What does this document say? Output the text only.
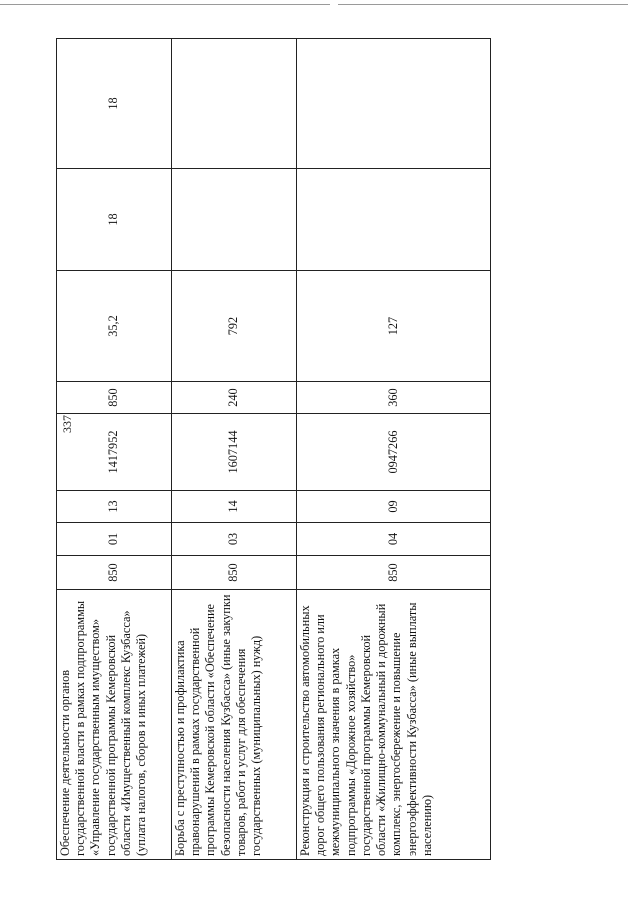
337
Обеспечение деятельности органов государственной власти в рамках подпрограммы «Управление государственным имуществом» государственной программы Кемеровской области «Имущественный комплекс Кузбасса» (уплата налогов, сборов и иных платежей)	850	01	13	1417952	850	35,2	18	18
Борьба с преступностью и профилактика правонарушений в рамках государственной программы Кемеровской области «Обеспечение безопасности населения Кузбасса» (иные закупки товаров, работ и услуг для обеспечения государственных (муниципальных) нужд)	850	03	14	1607144	240	792		
Реконструкция и строительство автомобильных дорог общего пользования регионального или межмуниципального значения в рамках подпрограммы «Дорожное хозяйство» государственной программы Кемеровской области «Жилищно-коммунальный и дорожный комплекс, энергосбережение и повышение энергоэффективности Кузбасса» (иные выплаты населению)	850	04	09	0947266	360	127		
